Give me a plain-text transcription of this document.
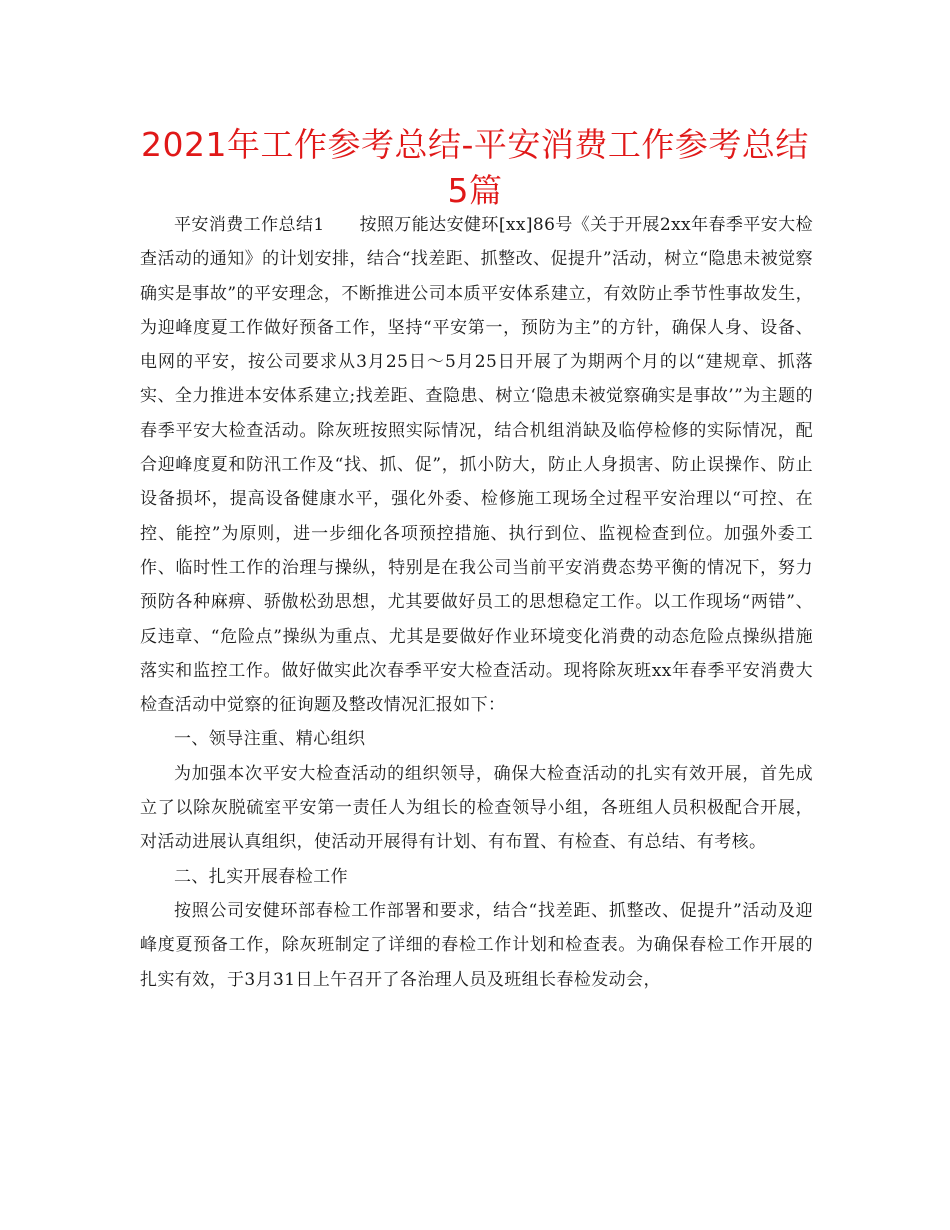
2021年工作参考总结-平安消费工作参考总结5篇

平安消费工作总结1　　按照万能达安健环[xx]86号《关于开展2xx年春季平安大检查活动的通知》的计划安排，结合“找差距、抓整改、促提升”活动，树立“隐患未被觉察确实是事故”的平安理念，不断推进公司本质平安体系建立，有效防止季节性事故发生，为迎峰度夏工作做好预备工作，坚持“平安第一，预防为主”的方针，确保人身、设备、电网的平安，按公司要求从3月25日～5月25日开展了为期两个月的以“建规章、抓落实、全力推进本安体系建立;找差距、查隐患、树立‘隐患未被觉察确实是事故’”为主题的春季平安大检查活动。除灰班按照实际情况，结合机组消缺及临停检修的实际情况，配合迎峰度夏和防汛工作及“找、抓、促”，抓小防大，防止人身损害、防止误操作、防止设备损坏，提高设备健康水平，强化外委、检修施工现场全过程平安治理以“可控、在控、能控”为原则，进一步细化各项预控措施、执行到位、监视检查到位。加强外委工作、临时性工作的治理与操纵，特别是在我公司当前平安消费态势平衡的情况下，努力预防各种麻痹、骄傲松劲思想，尤其要做好员工的思想稳定工作。以工作现场“两错”、反违章、“危险点”操纵为重点、尤其是要做好作业环境变化消费的动态危险点操纵措施落实和监控工作。做好做实此次春季平安大检查活动。现将除灰班xx年春季平安消费大检查活动中觉察的征询题及整改情况汇报如下：

一、领导注重、精心组织

为加强本次平安大检查活动的组织领导，确保大检查活动的扎实有效开展，首先成立了以除灰脱硫室平安第一责任人为组长的检查领导小组，各班组人员积极配合开展，对活动进展认真组织，使活动开展得有计划、有布置、有检查、有总结、有考核。

二、扎实开展春检工作

按照公司安健环部春检工作部署和要求，结合“找差距、抓整改、促提升”活动及迎峰度夏预备工作，除灰班制定了详细的春检工作计划和检查表。为确保春检工作开展的扎实有效，于3月31日上午召开了各治理人员及班组长春检发动会，
